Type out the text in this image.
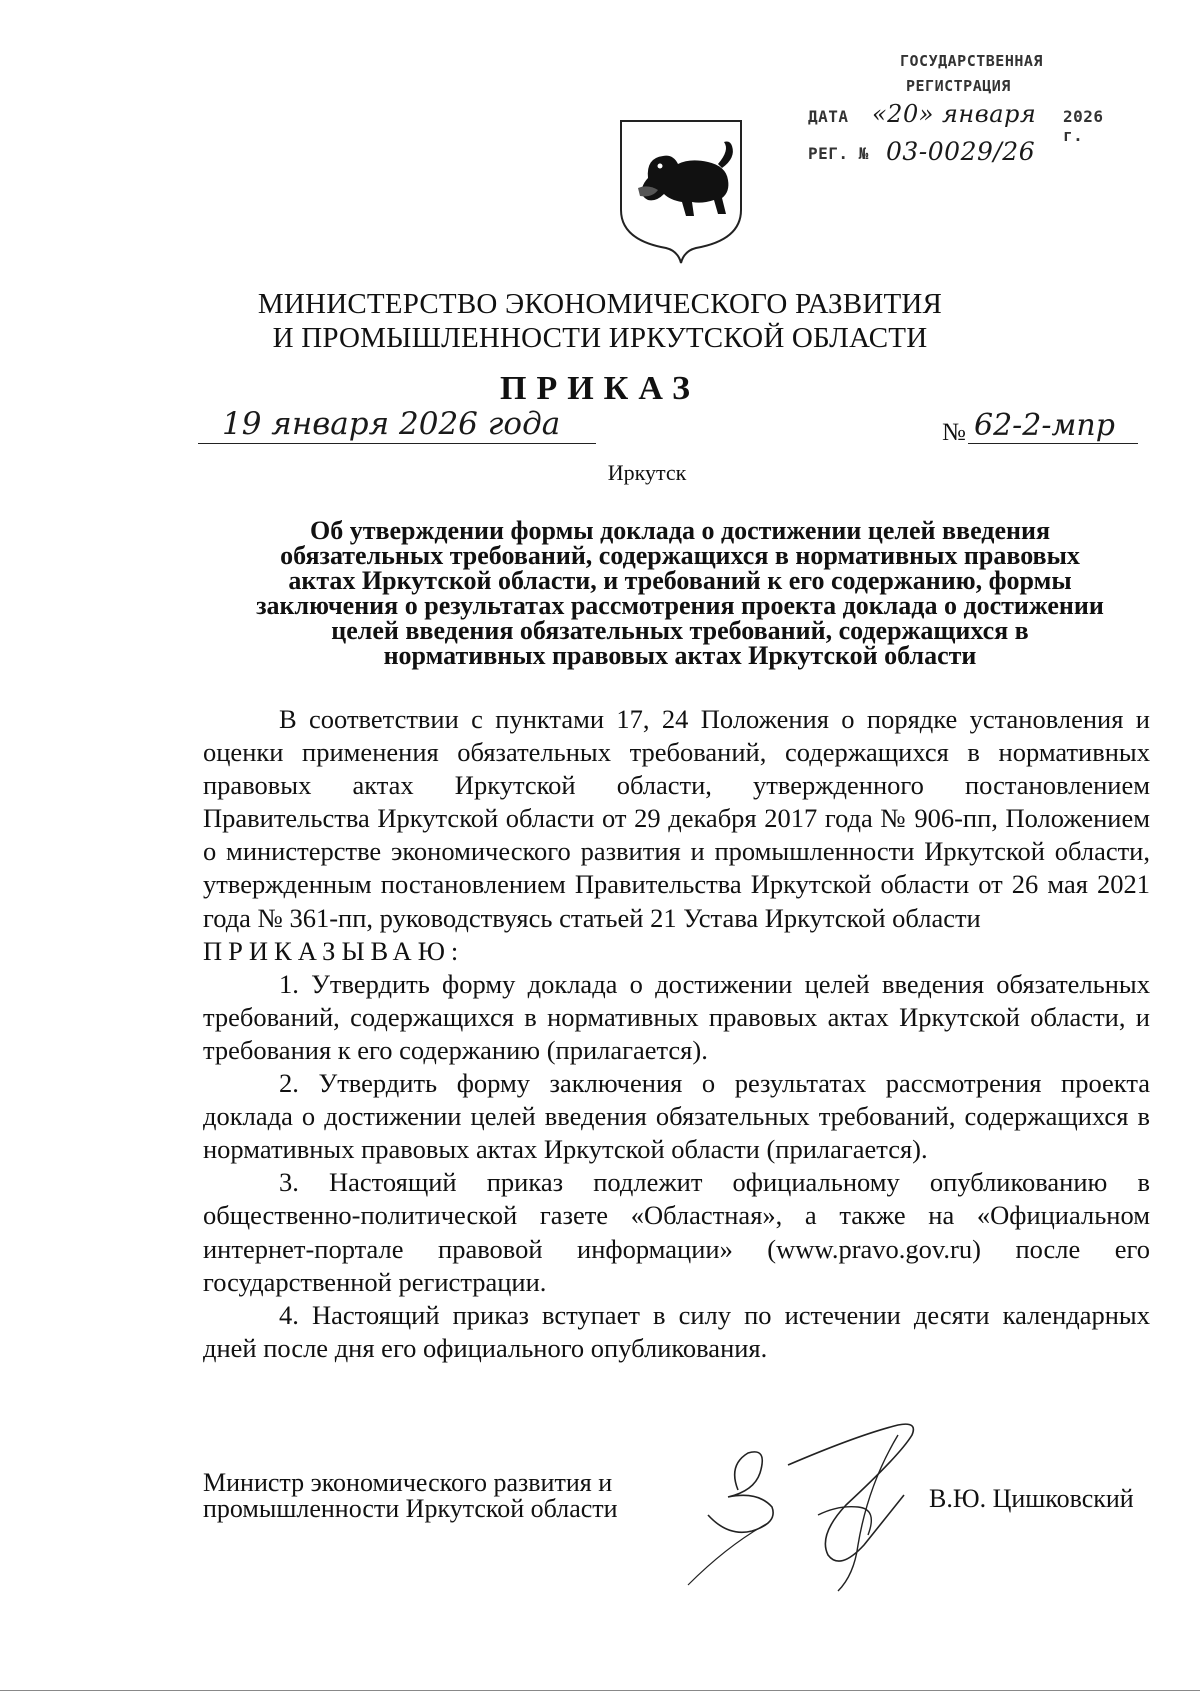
ГОСУДАРСТВЕННАЯ
РЕГИСТРАЦИЯ
ДАТА «20» января 2026 г.
РЕГ. № 03-0029/26
МИНИСТЕРСТВО ЭКОНОМИЧЕСКОГО РАЗВИТИЯ
И ПРОМЫШЛЕННОСТИ ИРКУТСКОЙ ОБЛАСТИ
ПРИКАЗ
19 января 2026 года	№ 62-2-мпр
Иркутск
Об утверждении формы доклада о достижении целей введения
обязательных требований, содержащихся в нормативных правовых
актах Иркутской области, и требований к его содержанию, формы
заключения о результатах рассмотрения проекта доклада о достижении
целей введения обязательных требований, содержащихся в
нормативных правовых актах Иркутской области

В соответствии с пунктами 17, 24 Положения о порядке установления и оценки применения обязательных требований, содержащихся в нормативных правовых актах Иркутской области, утвержденного постановлением Правительства Иркутской области от 29 декабря 2017 года № 906-пп, Положением о министерстве экономического развития и промышленности Иркутской области, утвержденным постановлением Правительства Иркутской области от 26 мая 2021 года № 361-пп, руководствуясь статьей 21 Устава Иркутской области

ПРИКАЗЫВАЮ:

1. Утвердить форму доклада о достижении целей введения обязательных требований, содержащихся в нормативных правовых актах Иркутской области, и требования к его содержанию (прилагается).

2. Утвердить форму заключения о результатах рассмотрения проекта доклада о достижении целей введения обязательных требований, содержащихся в нормативных правовых актах Иркутской области (прилагается).

3. Настоящий приказ подлежит официальному опубликованию в общественно-политической газете «Областная», а также на «Официальном интернет-портале правовой информации» (www.pravo.gov.ru) после его государственной регистрации.

4. Настоящий приказ вступает в силу по истечении десяти календарных дней после дня его официального опубликования.

Министр экономического развития и
промышленности Иркутской области	В.Ю. Цишковский
